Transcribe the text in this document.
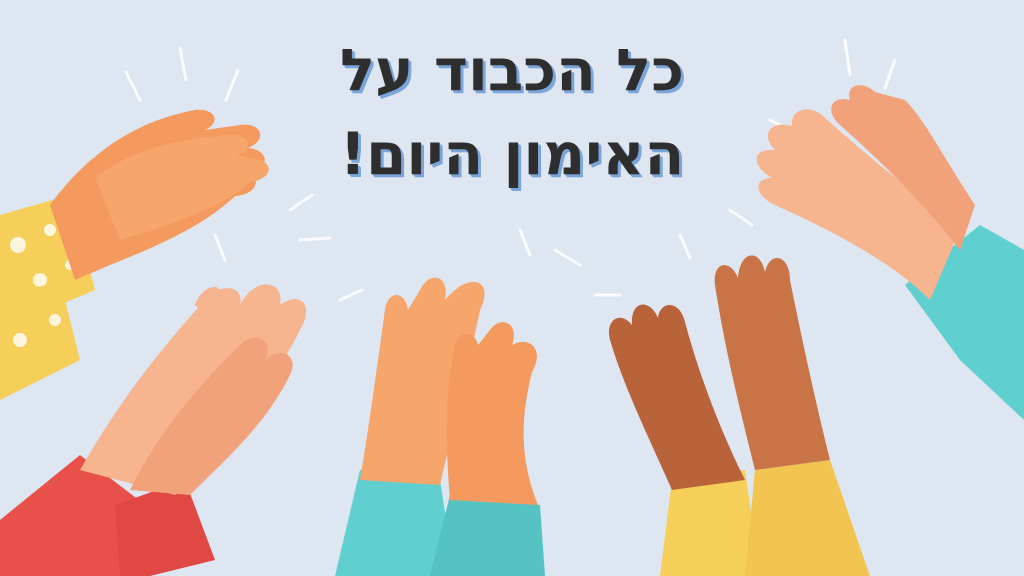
כל הכבוד על
האימון היום!
